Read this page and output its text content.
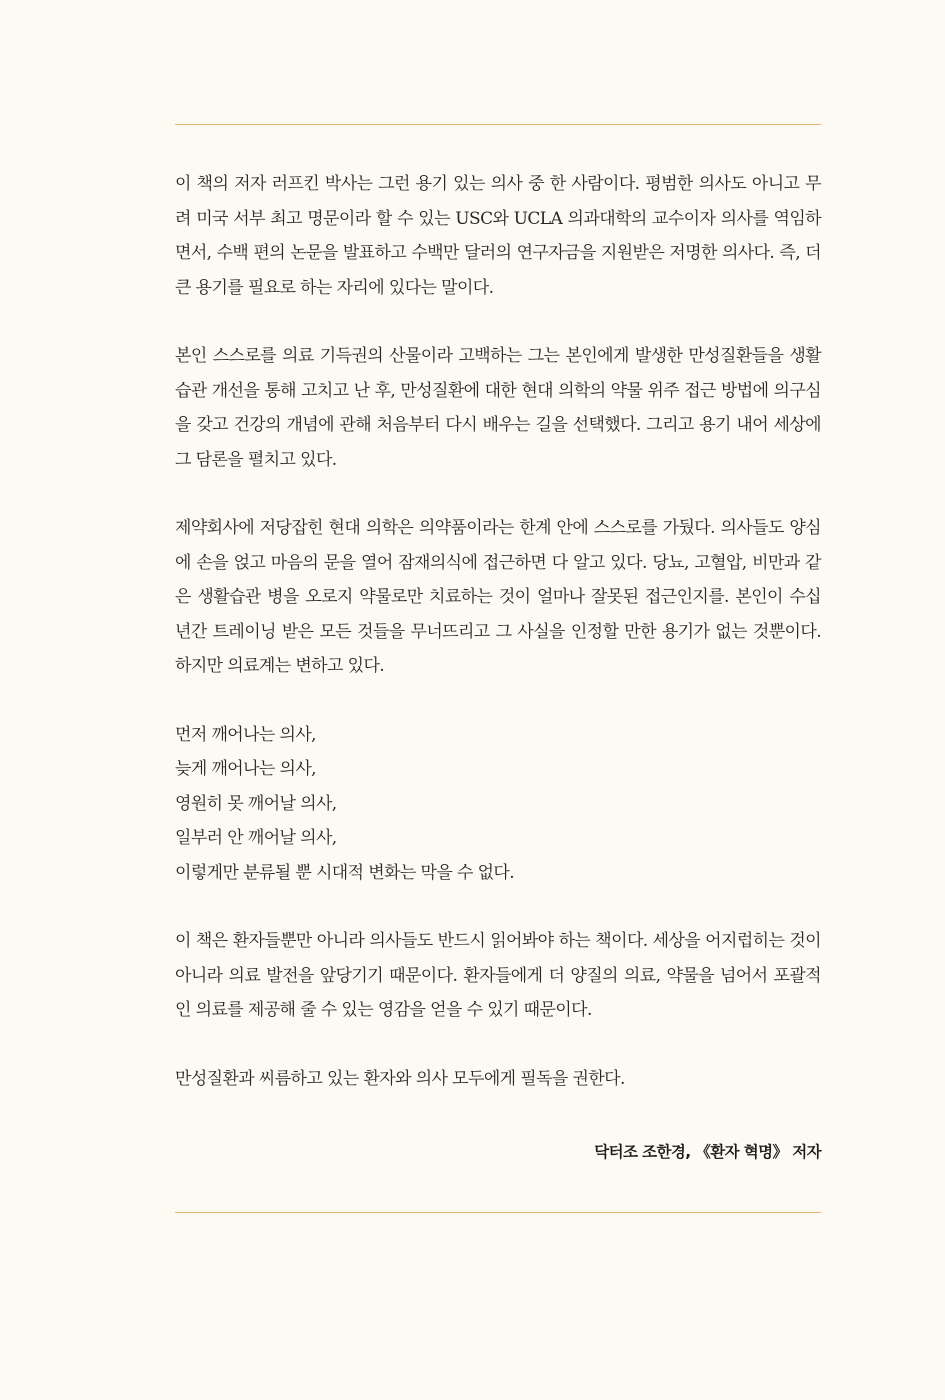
이 책의 저자 러프킨 박사는 그런 용기 있는 의사 중 한 사람이다. 평범한 의사도 아니고 무려 미국 서부 최고 명문이라 할 수 있는 USC와 UCLA 의과대학의 교수이자 의사를 역임하면서, 수백 편의 논문을 발표하고 수백만 달러의 연구자금을 지원받은 저명한 의사다. 즉, 더 큰 용기를 필요로 하는 자리에 있다는 말이다.

본인 스스로를 의료 기득권의 산물이라 고백하는 그는 본인에게 발생한 만성질환들을 생활습관 개선을 통해 고치고 난 후, 만성질환에 대한 현대 의학의 약물 위주 접근 방법에 의구심을 갖고 건강의 개념에 관해 처음부터 다시 배우는 길을 선택했다. 그리고 용기 내어 세상에 그 담론을 펼치고 있다.

제약회사에 저당잡힌 현대 의학은 의약품이라는 한계 안에 스스로를 가뒀다. 의사들도 양심에 손을 얹고 마음의 문을 열어 잠재의식에 접근하면 다 알고 있다. 당뇨, 고혈압, 비만과 같은 생활습관 병을 오로지 약물로만 치료하는 것이 얼마나 잘못된 접근인지를. 본인이 수십 년간 트레이닝 받은 모든 것들을 무너뜨리고 그 사실을 인정할 만한 용기가 없는 것뿐이다. 하지만 의료계는 변하고 있다.

먼저 깨어나는 의사,
늦게 깨어나는 의사,
영원히 못 깨어날 의사,
일부러 안 깨어날 의사,
이렇게만 분류될 뿐 시대적 변화는 막을 수 없다.

이 책은 환자들뿐만 아니라 의사들도 반드시 읽어봐야 하는 책이다. 세상을 어지럽히는 것이 아니라 의료 발전을 앞당기기 때문이다. 환자들에게 더 양질의 의료, 약물을 넘어서 포괄적인 의료를 제공해 줄 수 있는 영감을 얻을 수 있기 때문이다.

만성질환과 씨름하고 있는 환자와 의사 모두에게 필독을 권한다.

닥터조 조한경, 《환자 혁명》 저자
